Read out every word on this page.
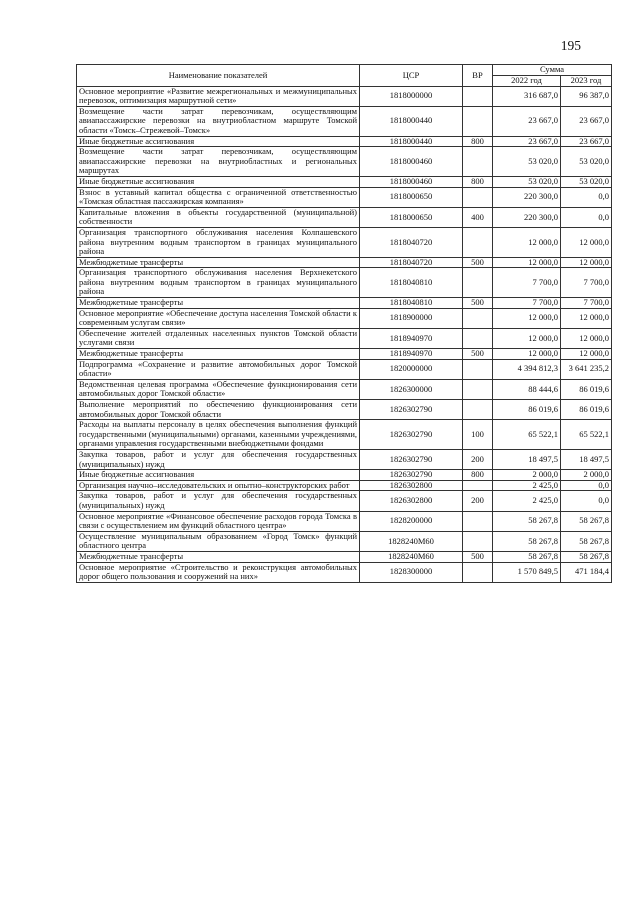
195
Наименование показателей	ЦСР	ВР	Сумма	
			2022 год	2023 год
Основное мероприятие «Развитие межрегиональных и межмуниципальных перевозок, оптимизация маршрутной сети»	1818000000		316 687,0	96 387,0
Возмещение части затрат перевозчикам, осуществляющим авиапассажирские перевозки на внутриобластном маршруте Томской области «Томск–Стрежевой–Томск»	1818000440		23 667,0	23 667,0
Иные бюджетные ассигнования	1818000440	800	23 667,0	23 667,0
Возмещение части затрат перевозчикам, осуществляющим авиапассажирские перевозки на внутриобластных и региональных маршрутах	1818000460		53 020,0	53 020,0
Иные бюджетные ассигнования	1818000460	800	53 020,0	53 020,0
Взнос в уставный капитал общества с ограниченной ответственностью «Томская областная пассажирская компания»	1818000650		220 300,0	0,0
Капитальные вложения в объекты государственной (муниципальной) собственности	1818000650	400	220 300,0	0,0
Организация транспортного обслуживания населения Колпашевского района внутренним водным транспортом в границах муниципального района	1818040720		12 000,0	12 000,0
Межбюджетные трансферты	1818040720	500	12 000,0	12 000,0
Организация транспортного обслуживания населения Верхнекетского района внутренним водным транспортом в границах муниципального района	1818040810		7 700,0	7 700,0
Межбюджетные трансферты	1818040810	500	7 700,0	7 700,0
Основное мероприятие «Обеспечение доступа населения Томской области к современным услугам связи»	1818900000		12 000,0	12 000,0
Обеспечение жителей отдаленных населенных пунктов Томской области услугами связи	1818940970		12 000,0	12 000,0
Межбюджетные трансферты	1818940970	500	12 000,0	12 000,0
Подпрограмма «Сохранение и развитие автомобильных дорог Томской области»	1820000000		4 394 812,3	3 641 235,2
Ведомственная целевая программа «Обеспечение функционирования сети автомобильных дорог Томской области»	1826300000		88 444,6	86 019,6
Выполнение мероприятий по обеспечению функционирования сети автомобильных дорог Томской области	1826302790		86 019,6	86 019,6
Расходы на выплаты персоналу в целях обеспечения выполнения функций государственными (муниципальными) органами, казенными учреждениями, органами управления государственными внебюджетными фондами	1826302790	100	65 522,1	65 522,1
Закупка товаров, работ и услуг для обеспечения государственных (муниципальных) нужд	1826302790	200	18 497,5	18 497,5
Иные бюджетные ассигнования	1826302790	800	2 000,0	2 000,0
Организация научно–исследовательских и опытно–конструкторских работ	1826302800		2 425,0	0,0
Закупка товаров, работ и услуг для обеспечения государственных (муниципальных) нужд	1826302800	200	2 425,0	0,0
Основное мероприятие «Финансовое обеспечение расходов города Томска в связи с осуществлением им функций областного центра»	1828200000		58 267,8	58 267,8
Осуществление муниципальным образованием «Город Томск» функций областного центра	1828240М60		58 267,8	58 267,8
Межбюджетные трансферты	1828240М60	500	58 267,8	58 267,8
Основное мероприятие «Строительство и реконструкция автомобильных дорог общего пользования и сооружений на них»	1828300000		1 570 849,5	471 184,4
